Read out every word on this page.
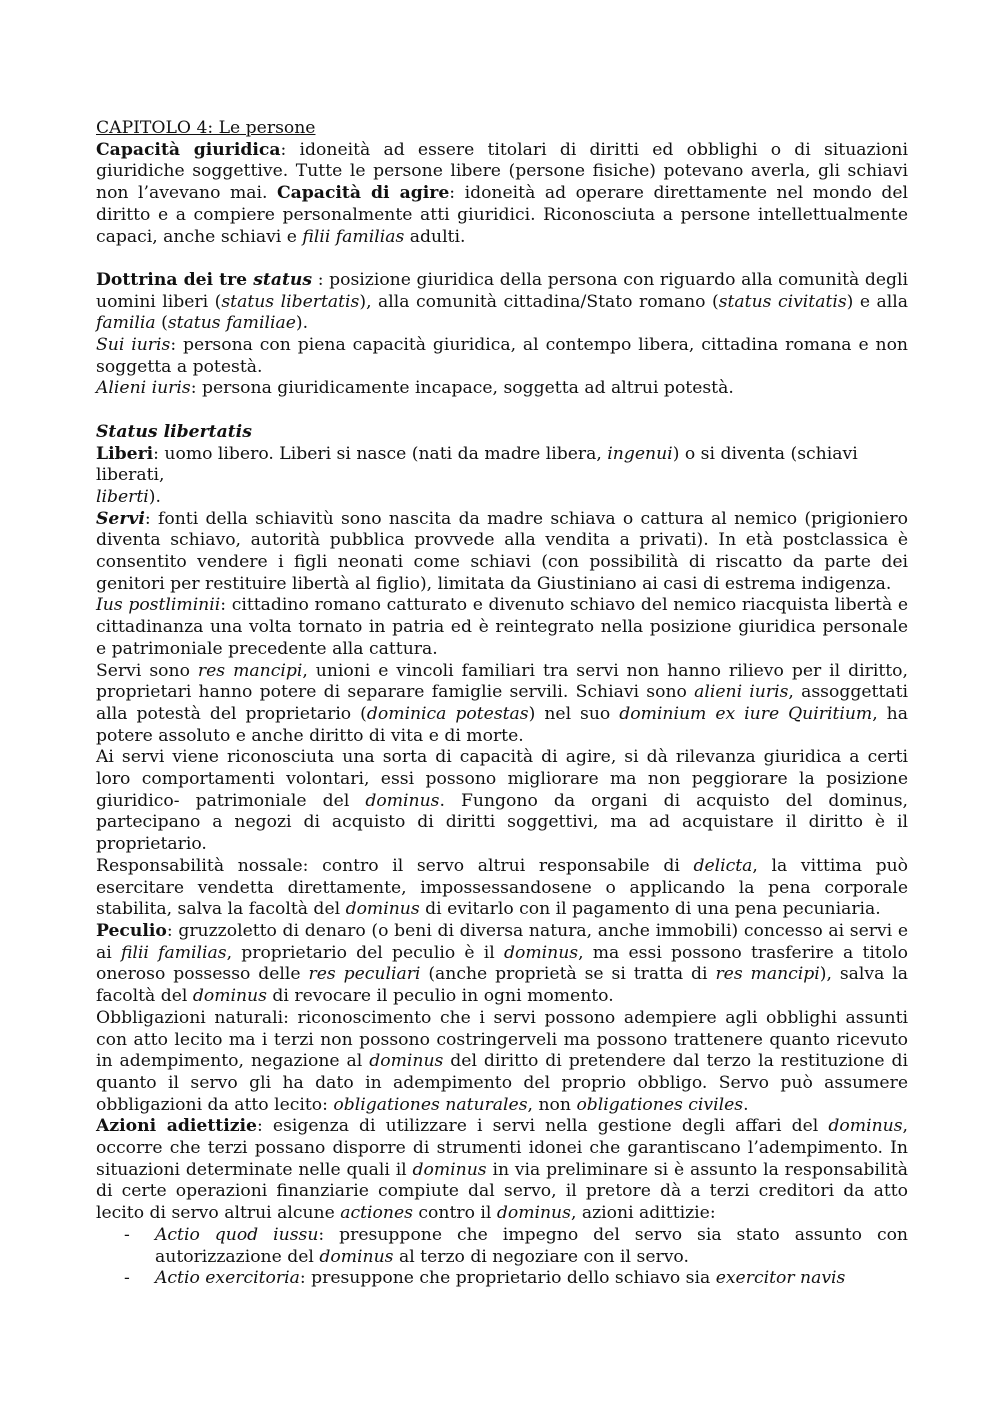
CAPITOLO 4: Le persone

Capacità giuridica: idoneità ad essere titolari di diritti ed obblighi o di situazioni giuridiche soggettive. Tutte le persone libere (persone fisiche) potevano averla, gli schiavi non l’avevano mai. Capacità di agire: idoneità ad operare direttamente nel mondo del diritto e a compiere personalmente atti giuridici. Riconosciuta a persone intellettualmente capaci, anche schiavi e filii familias adulti.

Dottrina dei tre status : posizione giuridica della persona con riguardo alla comunità degli uomini liberi (status libertatis), alla comunità cittadina/Stato romano (status civitatis) e alla familia (status familiae).

Sui iuris: persona con piena capacità giuridica, al contempo libera, cittadina romana e non soggetta a potestà.

Alieni iuris: persona giuridicamente incapace, soggetta ad altrui potestà.

Status libertatis

Liberi: uomo libero. Liberi si nasce (nati da madre libera, ingenui) o si diventa (schiavi liberati,
liberti).

Servi: fonti della schiavitù sono nascita da madre schiava o cattura al nemico (prigioniero diventa schiavo, autorità pubblica provvede alla vendita a privati). In età postclassica è consentito vendere i figli neonati come schiavi (con possibilità di riscatto da parte dei genitori per restituire libertà al figlio), limitata da Giustiniano ai casi di estrema indigenza.

Ius postliminii: cittadino romano catturato e divenuto schiavo del nemico riacquista libertà e cittadinanza una volta tornato in patria ed è reintegrato nella posizione giuridica personale e patrimoniale precedente alla cattura.

Servi sono res mancipi, unioni e vincoli familiari tra servi non hanno rilievo per il diritto, proprietari hanno potere di separare famiglie servili. Schiavi sono alieni iuris, assoggettati alla potestà del proprietario (dominica potestas) nel suo dominium ex iure Quiritium, ha potere assoluto e anche diritto di vita e di morte.

Ai servi viene riconosciuta una sorta di capacità di agire, si dà rilevanza giuridica a certi loro comportamenti volontari, essi possono migliorare ma non peggiorare la posizione giuridico- patrimoniale del dominus. Fungono da organi di acquisto del dominus, partecipano a negozi di acquisto di diritti soggettivi, ma ad acquistare il diritto è il proprietario.

Responsabilità nossale: contro il servo altrui responsabile di delicta, la vittima può esercitare vendetta direttamente, impossessandosene o applicando la pena corporale stabilita, salva la facoltà del dominus di evitarlo con il pagamento di una pena pecuniaria.

Peculio: gruzzoletto di denaro (o beni di diversa natura, anche immobili) concesso ai servi e ai filii familias, proprietario del peculio è il dominus, ma essi possono trasferire a titolo oneroso possesso delle res peculiari (anche proprietà se si tratta di res mancipi), salva la facoltà del dominus di revocare il peculio in ogni momento.

Obbligazioni naturali: riconoscimento che i servi possono adempiere agli obblighi assunti con atto lecito ma i terzi non possono costringerveli ma possono trattenere quanto ricevuto in adempimento, negazione al dominus del diritto di pretendere dal terzo la restituzione di quanto il servo gli ha dato in adempimento del proprio obbligo. Servo può assumere obbligazioni da atto lecito: obligationes naturales, non obligationes civiles.

Azioni adiettizie: esigenza di utilizzare i servi nella gestione degli affari del dominus, occorre che terzi possano disporre di strumenti idonei che garantiscano l’adempimento. In situazioni determinate nelle quali il dominus in via preliminare si è assunto la responsabilità di certe operazioni finanziarie compiute dal servo, il pretore dà a terzi creditori da atto lecito di servo altrui alcune actiones contro il dominus, azioni adittizie:

- Actio quod iussu: presuppone che impegno del servo sia stato assunto con autorizzazione del dominus al terzo di negoziare con il servo.
- Actio exercitoria: presuppone che proprietario dello schiavo sia exercitor navis
